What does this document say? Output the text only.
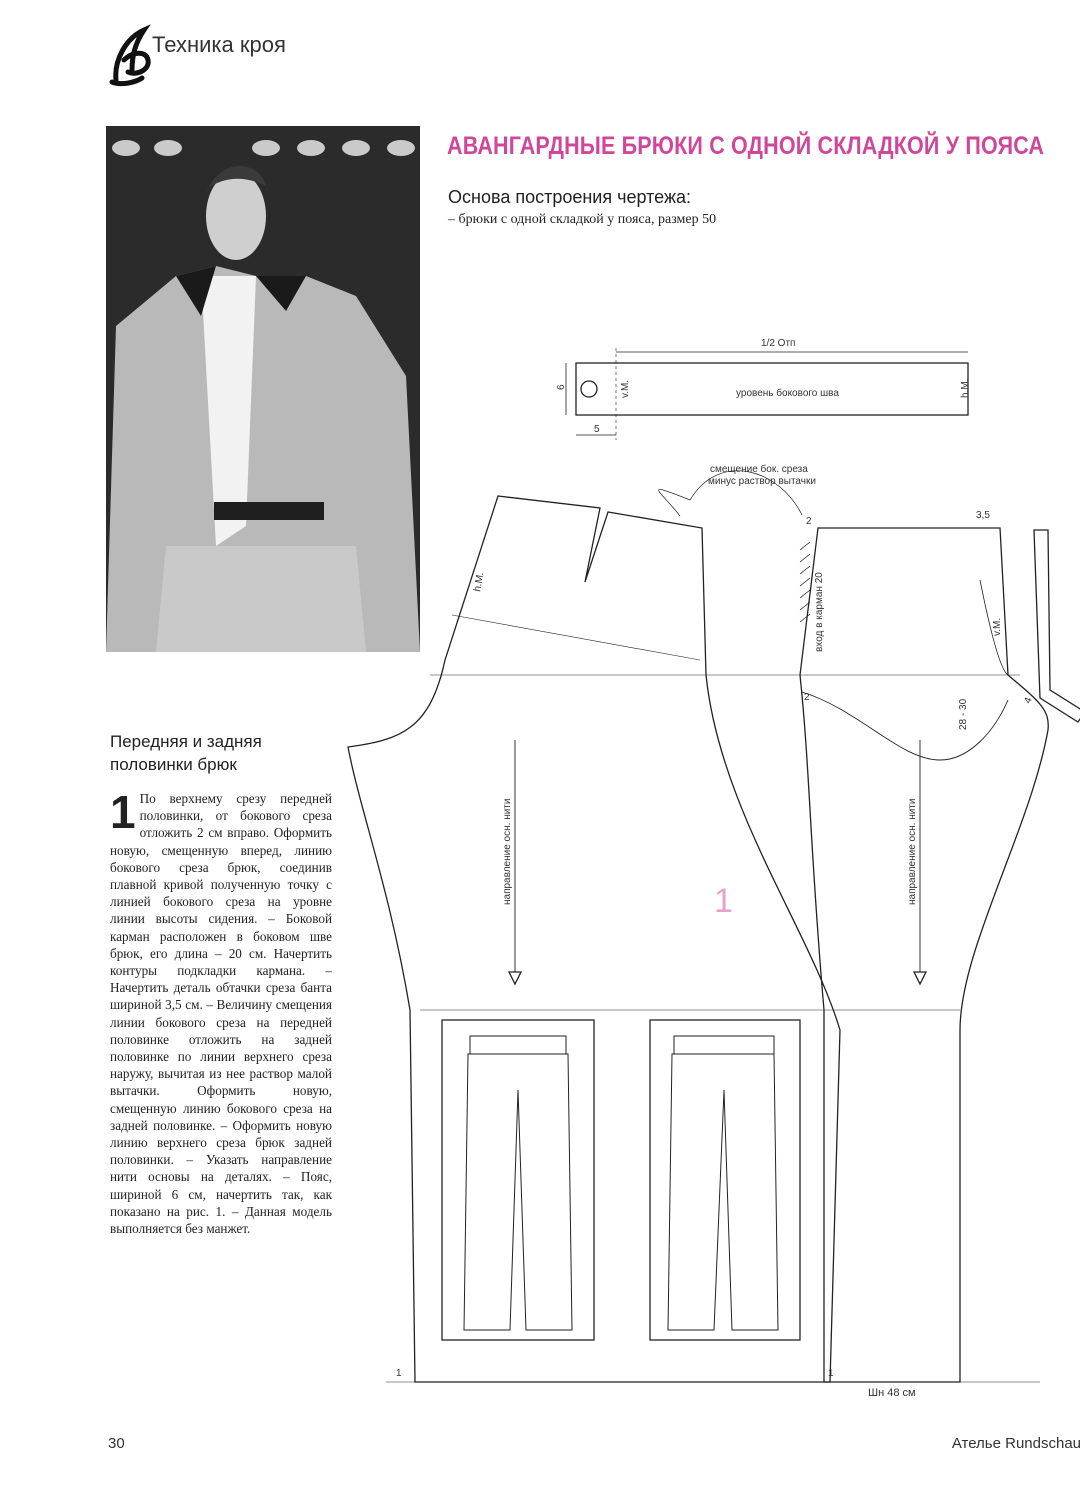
Техника кроя
АВАНГАРДНЫЕ БРЮКИ С ОДНОЙ СКЛАДКОЙ У ПОЯСА
Основа построения чертежа:
– брюки с одной складкой у пояса, размер 50
Передняя и задняя
половинки брюк
1 По верхнему срезу передней половинки, от бокового среза отложить 2 см вправо. Оформить новую, смещенную вперед, линию бокового среза брюк, соединив плавной кривой полученную точку с линией бокового среза на уровне линии высоты сидения. – Боковой карман расположен в боковом шве брюк, его длина – 20 см. Начертить контуры подкладки кармана. – Начертить деталь обтачки среза банта шириной 3,5 см. – Величину смещения линии бокового среза на передней половинке отложить на задней половинке по линии верхнего среза наружу, вычитая из нее раствор малой вытачки. Оформить новую, смещенную линию бокового среза на задней половинке. – Оформить новую линию верхнего среза брюк задней половинки. – Указать направление нити основы на деталях. – Пояс, шириной 6 см, начертить так, как показано на рис. 1. – Данная модель выполняется без манжет.
1/2 Отп
6
5
v.M.	h.M.
уровень бокового шва
смещение бок. среза
минус раствор вытачки
h.M.
v.M.
2
2
3,5
вход в карман 20
28 - 30	4
направление осн. нити	направление осн. нити
1	1
Шн 48 см
1
30	Ателье Rundschau
